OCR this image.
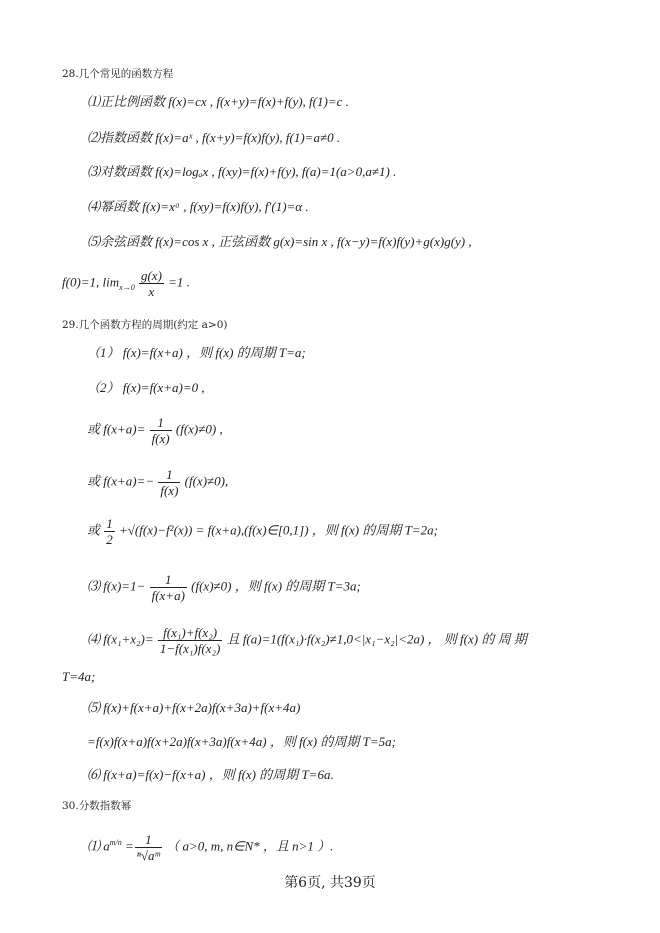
28.几个常见的函数方程
⑴正比例函数 f(x)=cx , f(x+y)=f(x)+f(y), f(1)=c .
⑵指数函数 f(x)=aˣ , f(x+y)=f(x)f(y), f(1)=a≠0 .
⑶对数函数 f(x)=logₐx , f(xy)=f(x)+f(y), f(a)=1(a>0,a≠1) .
⑷幂函数 f(x)=xᵅ , f(xy)=f(x)f(y), f′(1)=α .
⑸余弦函数 f(x)=cos x , 正弦函数 g(x)=sin x , f(x−y)=f(x)f(y)+g(x)g(y) ,
f(0)=1, $\lim_{x\to 0} \frac{g(x)}{x} =1$ .
29.几个函数方程的周期(约定 a>0)
（1） f(x)=f(x+a) ，则 f(x) 的周期 T=a;
（2） f(x)=f(x+a)=0 ,
或 $f(x+a)= \frac{1}{f(x)} (f(x)\ne 0)$ ,
或 $f(x+a)=- \frac{1}{f(x)} (f(x)\ne 0)$,
或 $\frac{1}{2} +√(f(x)-f^2(x))$ = f(x+a),(f(x)∈[0,1]) ，则 f(x) 的周期 T=2a;
⑶ $f(x)=1- \frac{1}{f(x+a)} (f(x)\ne 0)$ ，则 f(x) 的周期 T=3a;
⑷ $f(x_1+x_2)= \frac{\text{f(x₁)+f(x₂)}}{\text{1−f(x₁)f(x₂)}}$ 且 f(a)=1(f(x₁)·f(x₂)≠1,0<|x₁−x₂|<2a) ， 则 f(x) 的 周 期
T=4a;
⑸ f(x)+f(x+a)+f(x+2a)f(x+3a)+f(x+4a)
=f(x)f(x+a)f(x+2a)f(x+3a)f(x+4a) ，则 f(x) 的周期 T=5a;
⑹ f(x+a)=f(x)−f(x+a) ，则 f(x) 的周期 T=6a.
30.分数指数幂
⑴ $a^{m/n} = \frac{1}{\text{ⁿ√aᵐ}}$ （ a>0, m, n∈N* ，且 n>1 ）.
第6页, 共39页
